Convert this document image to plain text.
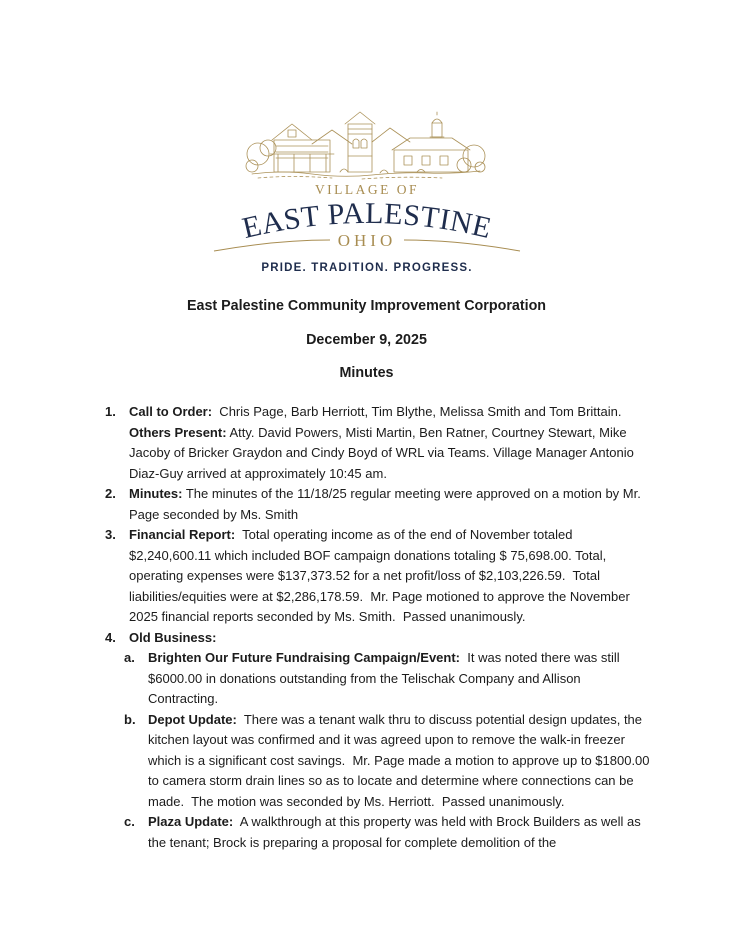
VILLAGE OF
EAST PALESTINE
OHIO
PRIDE. TRADITION. PROGRESS.

East Palestine Community Improvement Corporation

December 9, 2025

Minutes

1. Call to Order:  Chris Page, Barb Herriott, Tim Blythe, Melissa Smith and Tom Brittain. Others Present: Atty. David Powers, Misti Martin, Ben Ratner, Courtney Stewart, Mike Jacoby of Bricker Graydon and Cindy Boyd of WRL via Teams. Village Manager Antonio Diaz-Guy arrived at approximately 10:45 am.
2. Minutes: The minutes of the 11/18/25 regular meeting were approved on a motion by Mr. Page seconded by Ms. Smith
3. Financial Report:  Total operating income as of the end of November totaled $2,240,600.11 which included BOF campaign donations totaling $ 75,698.00. Total, operating expenses were $137,373.52 for a net profit/loss of $2,103,226.59.  Total liabilities/equities were at $2,286,178.59.  Mr. Page motioned to approve the November 2025 financial reports seconded by Ms. Smith.  Passed unanimously.
4. Old Business:
a. Brighten Our Future Fundraising Campaign/Event:  It was noted there was still $6000.00 in donations outstanding from the Telischak Company and Allison Contracting.
b. Depot Update:  There was a tenant walk thru to discuss potential design updates, the kitchen layout was confirmed and it was agreed upon to remove the walk-in freezer which is a significant cost savings.  Mr. Page made a motion to approve up to $1800.00 to camera storm drain lines so as to locate and determine where connections can be made.  The motion was seconded by Ms. Herriott.  Passed unanimously.
c. Plaza Update:  A walkthrough at this property was held with Brock Builders as well as the tenant; Brock is preparing a proposal for complete demolition of the
